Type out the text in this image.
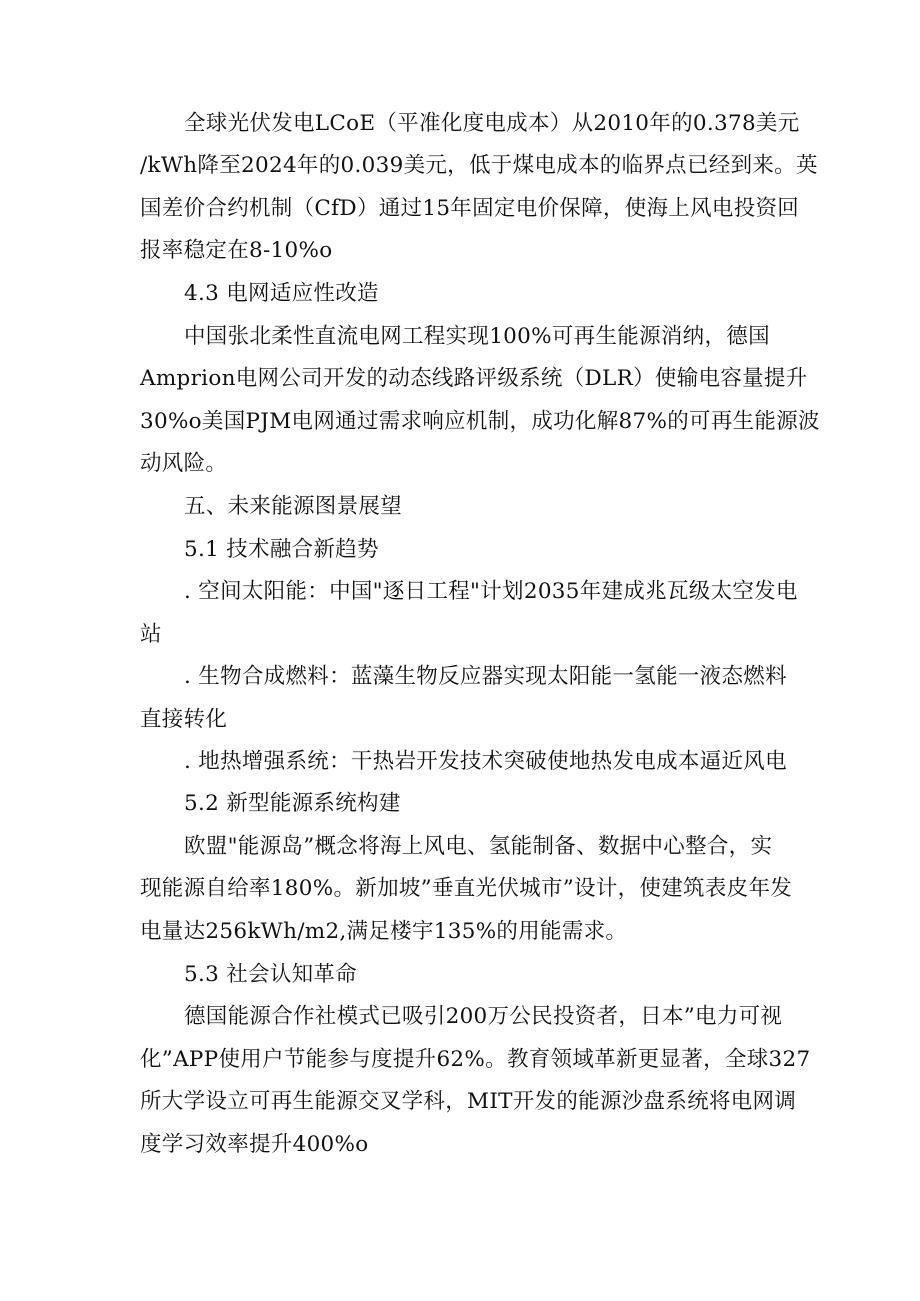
全球光伏发电LCoE（平准化度电成本）从2010年的0.378美元
/kWh降至2024年的0.039美元，低于煤电成本的临界点已经到来。英
国差价合约机制（CfD）通过15年固定电价保障，使海上风电投资回
报率稳定在8-10%o
4.3 电网适应性改造
中国张北柔性直流电网工程实现100%可再生能源消纳，德国
Amprion电网公司开发的动态线路评级系统（DLR）使输电容量提升
30%o美国PJM电网通过需求响应机制，成功化解87%的可再生能源波
动风险。
五、未来能源图景展望
5.1 技术融合新趋势
. 空间太阳能：中国"逐日工程"计划2035年建成兆瓦级太空发电
站
. 生物合成燃料：蓝藻生物反应器实现太阳能一氢能一液态燃料
直接转化
. 地热增强系统：干热岩开发技术突破使地热发电成本逼近风电
5.2 新型能源系统构建
欧盟"能源岛”概念将海上风电、氢能制备、数据中心整合，实
现能源自给率180%。新加坡”垂直光伏城市”设计，使建筑表皮年发
电量达256kWh/m2,满足楼宇135%的用能需求。
5.3 社会认知革命
德国能源合作社模式已吸引200万公民投资者，日本”电力可视
化”APP使用户节能参与度提升62%。教育领域革新更显著，全球327
所大学设立可再生能源交叉学科，MIT开发的能源沙盘系统将电网调
度学习效率提升400%o
